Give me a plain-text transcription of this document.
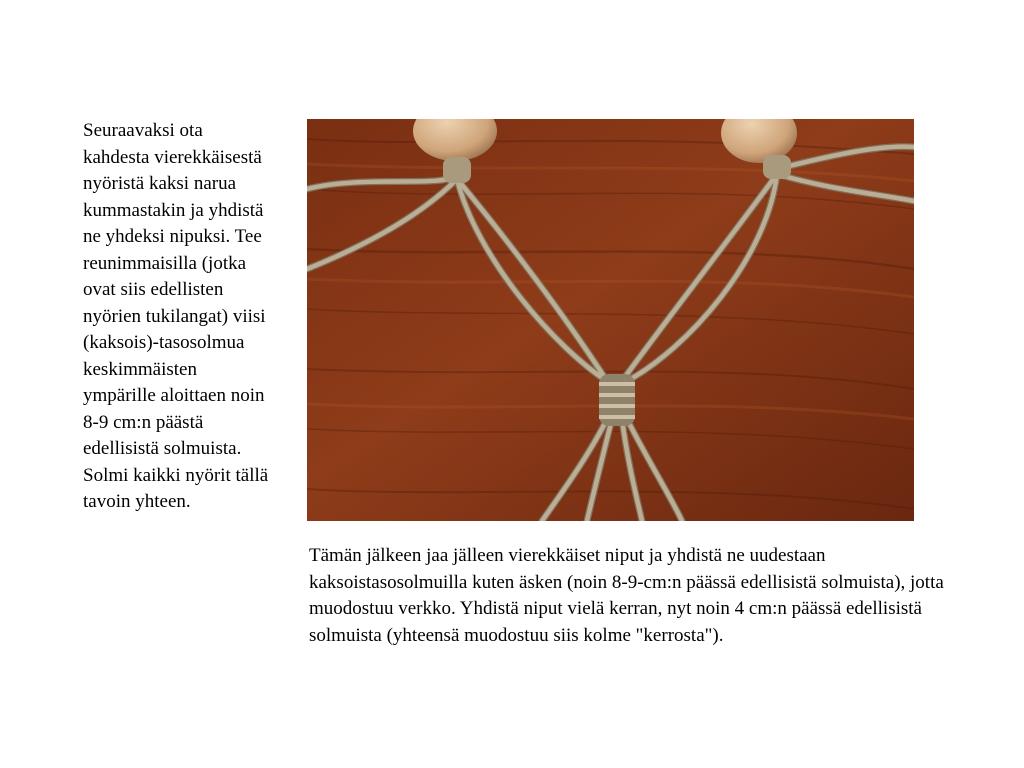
Seuraavaksi ota kahdesta vierekkäisestä nyöristä kaksi narua kummastakin ja yhdistä ne yhdeksi nipuksi. Tee reunimmaisilla (jotka ovat siis edellisten nyörien tukilangat) viisi (kaksois)-tasosolmua keskimmäisten ympärille aloittaen noin 8-9 cm:n päästä edellisistä solmuista. Solmi kaikki nyörit tällä tavoin yhteen.

Tämän jälkeen jaa jälleen vierekkäiset niput ja yhdistä ne uudestaan kaksoistasosolmuilla kuten äsken (noin 8-9-cm:n päässä edellisistä solmuista), jotta muodostuu verkko. Yhdistä niput vielä kerran, nyt noin 4 cm:n päässä edellisistä solmuista (yhteensä muodostuu siis kolme "kerrosta").
